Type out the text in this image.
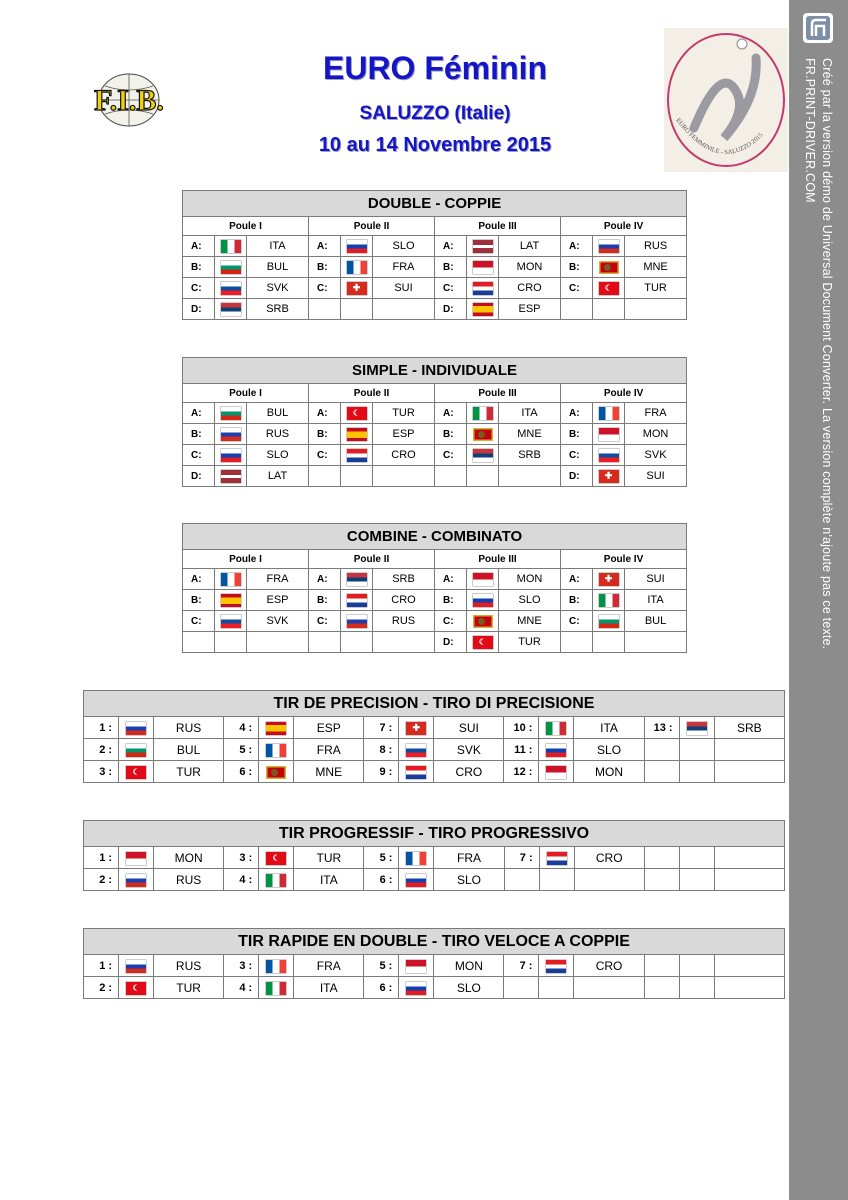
F.I.B.
EURO Féminin
SALUZZO (Italie)
10 au 14 Novembre 2015
EURO FEMMINILE - SALUZZO 2015	Créé par la version démo de Universal Document Converter. La version complète n'ajoute pas ce texte.
FR.PRINT-DRIVER.COM
DOUBLE - COPPIE											
Poule I			Poule II			Poule III			Poule IV		
A:		ITA	A:		SLO	A:		LAT	A:		RUS
B:		BUL	B:		FRA	B:		MON	B:		MNE
C:		SVK	C:	✚	SUI	C:		CRO	C:	☾	TUR
D:		SRB				D:		ESP			
SIMPLE - INDIVIDUALE											
Poule I			Poule II			Poule III			Poule IV		
A:		BUL	A:	☾	TUR	A:		ITA	A:		FRA
B:		RUS	B:		ESP	B:		MNE	B:		MON
C:		SLO	C:		CRO	C:		SRB	C:		SVK
D:		LAT							D:	✚	SUI
COMBINE - COMBINATO											
Poule I			Poule II			Poule III			Poule IV		
A:		FRA	A:		SRB	A:		MON	A:	✚	SUI
B:		ESP	B:		CRO	B:		SLO	B:		ITA
C:		SVK	C:		RUS	C:		MNE	C:		BUL
						D:	☾	TUR			
TIR DE PRECISION - TIRO DI PRECISIONE														
1 :		RUS	4 :		ESP	7 :	✚	SUI	10 :		ITA	13 :		SRB
2 :		BUL	5 :		FRA	8 :		SVK	11 :		SLO			
3 :	☾	TUR	6 :		MNE	9 :		CRO	12 :		MON			
TIR PROGRESSIF - TIRO PROGRESSIVO														
1 :		MON	3 :	☾	TUR	5 :		FRA	7 :		CRO			
2 :		RUS	4 :		ITA	6 :		SLO						
TIR RAPIDE EN DOUBLE - TIRO VELOCE A COPPIE														
1 :		RUS	3 :		FRA	5 :		MON	7 :		CRO			
2 :	☾	TUR	4 :		ITA	6 :		SLO						
